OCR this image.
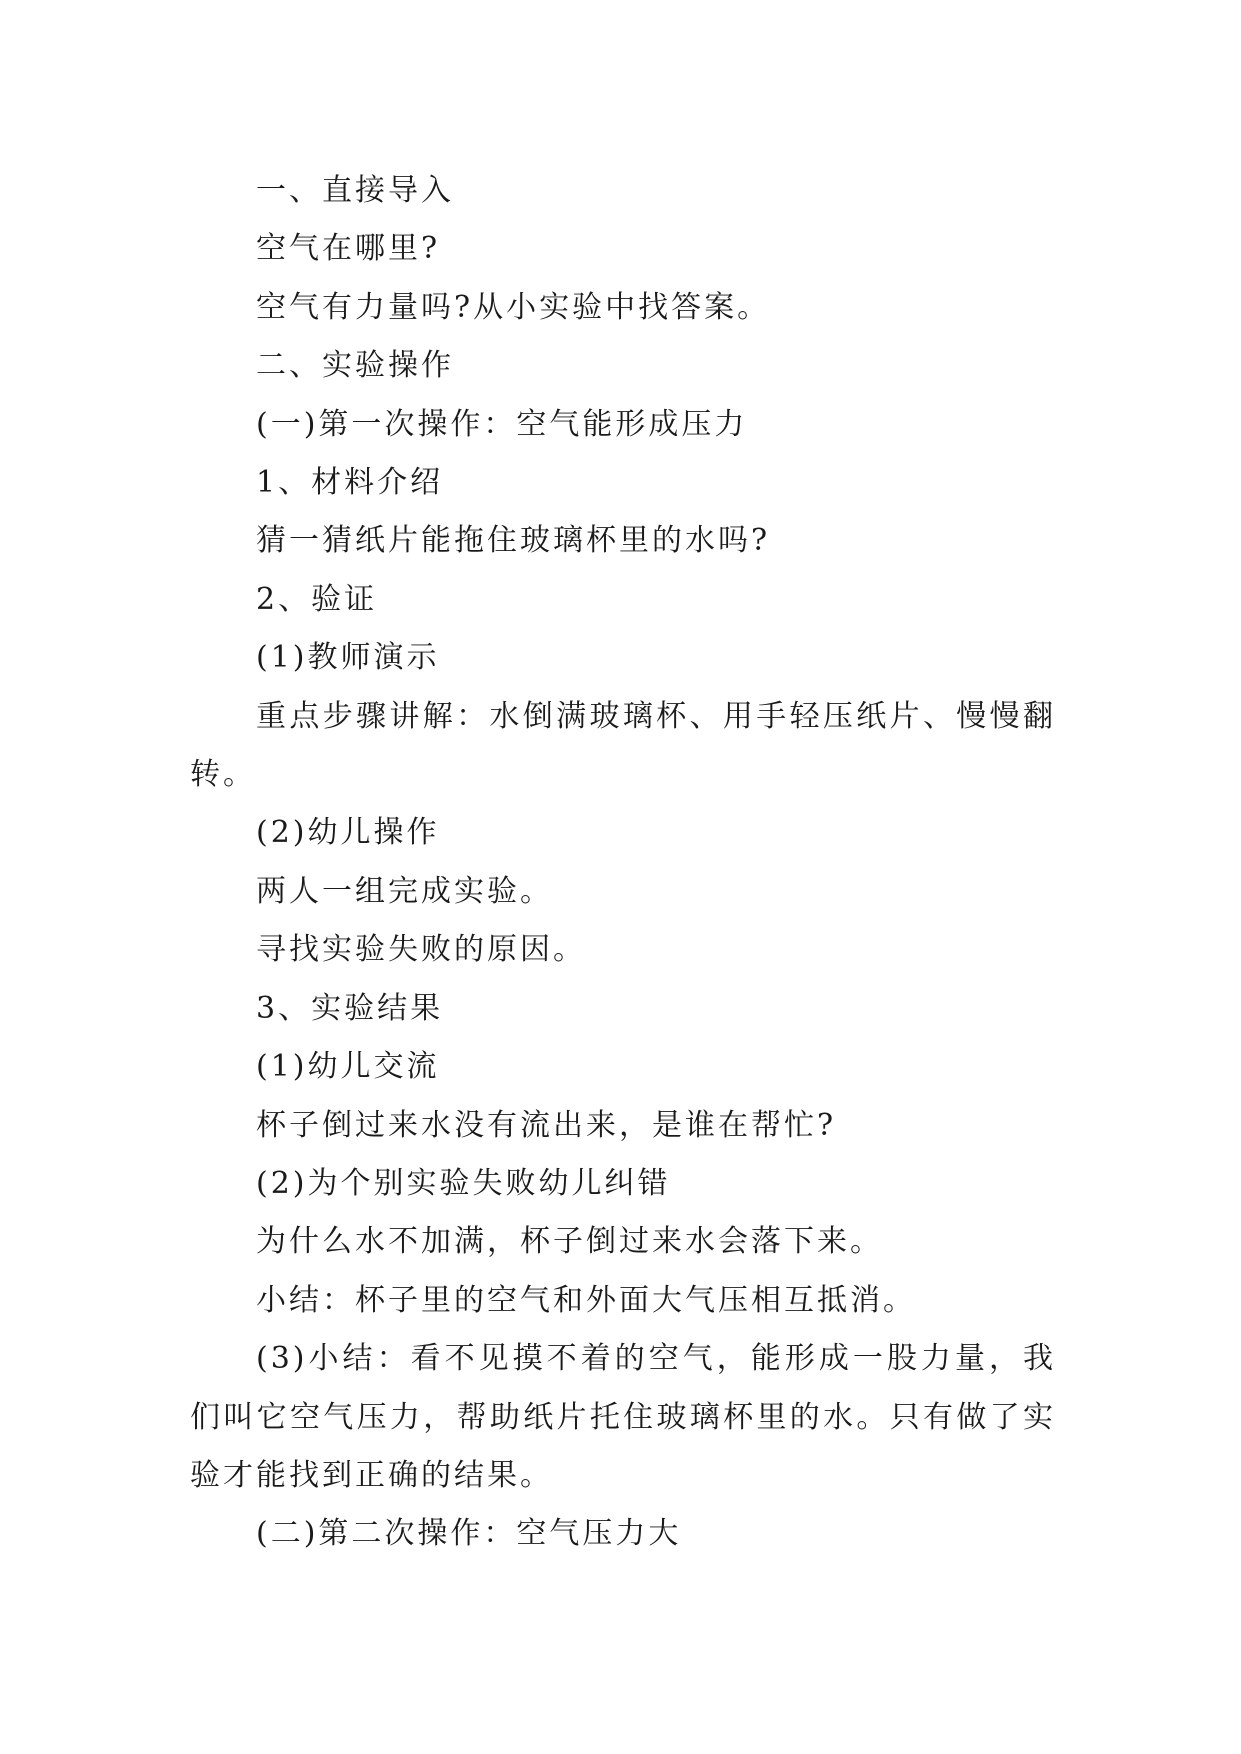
一、直接导入

空气在哪里?

空气有力量吗?从小实验中找答案。

二、实验操作

(一)第一次操作：空气能形成压力

1、材料介绍

猜一猜纸片能拖住玻璃杯里的水吗?

2、验证

(1)教师演示

重点步骤讲解：水倒满玻璃杯、用手轻压纸片、慢慢翻转。

(2)幼儿操作

两人一组完成实验。

寻找实验失败的原因。

3、实验结果

(1)幼儿交流

杯子倒过来水没有流出来，是谁在帮忙?

(2)为个别实验失败幼儿纠错

为什么水不加满，杯子倒过来水会落下来。

小结：杯子里的空气和外面大气压相互抵消。

(3)小结：看不见摸不着的空气，能形成一股力量，我们叫它空气压力，帮助纸片托住玻璃杯里的水。只有做了实验才能找到正确的结果。

(二)第二次操作：空气压力大
